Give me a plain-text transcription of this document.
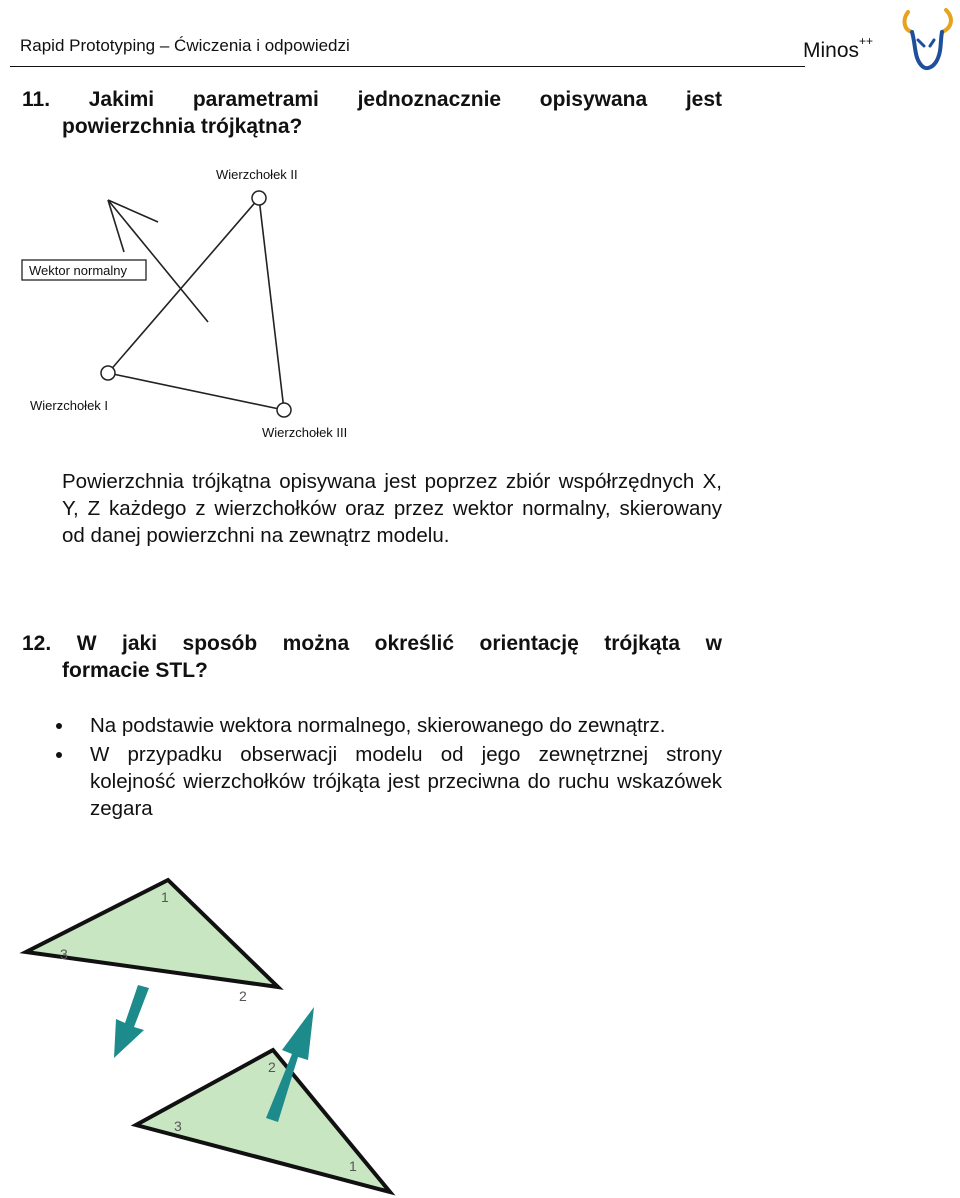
Rapid Prototyping – Ćwiczenia i odpowiedzi	Minos++
11. Jakimi parametrami jednoznacznie opisywana jest
powierzchnia trójkątna?
Wierzchołek II
Wektor normalny
Wierzchołek I
Wierzchołek III
Powierzchnia trójkątna opisywana jest poprzez zbiór współrzędnych X, Y, Z każdego z wierzchołków oraz przez wektor normalny, skierowany od danej powierzchni na zewnątrz modelu.
12. W jaki sposób można określić orientację trójkąta w
formacie STL?
Na podstawie wektora normalnego, skierowanego do zewnątrz.
W przypadku obserwacji modelu od jego zewnętrznej strony kolejność wierzchołków trójkąta jest przeciwna do ruchu wskazówek zegara
1
2
3
2
3
1
